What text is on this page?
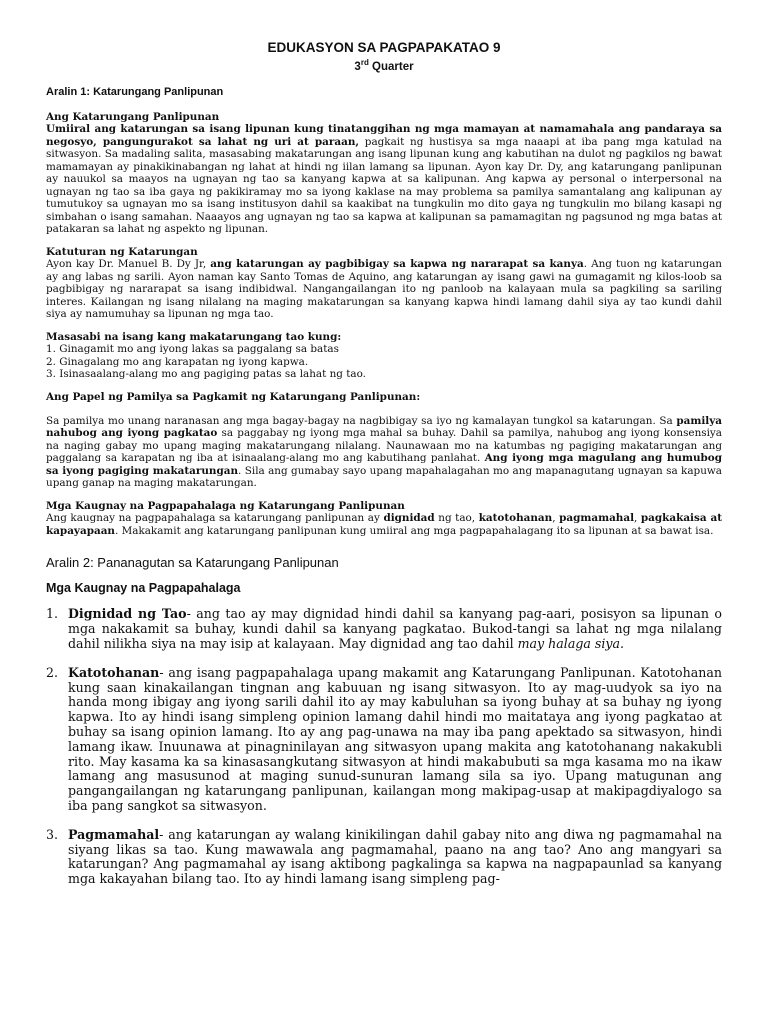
EDUKASYON SA PAGPAPAKATAO 9
3rd Quarter
Aralin 1: Katarungang Panlipunan
Ang Katarungang Panlipunan

Umiiral ang katarungan sa isang lipunan kung tinatanggihan ng mga mamayan at namamahala ang pandaraya sa negosyo, pangungurakot sa lahat ng uri at paraan, pagkait ng hustisya sa mga naaapi at iba pang mga katulad na sitwasyon. Sa madaling salita, masasabing makatarungan ang isang lipunan kung ang kabutihan na dulot ng pagkilos ng bawat mamamayan ay pinakikinabangan ng lahat at hindi ng iilan lamang sa lipunan. Ayon kay Dr. Dy, ang katarungang panlipunan ay nauukol sa maayos na ugnayan ng tao sa kanyang kapwa at sa kalipunan. Ang kapwa ay personal o interpersonal na ugnayan ng tao sa iba gaya ng pakikiramay mo sa iyong kaklase na may problema sa pamilya samantalang ang kalipunan ay tumutukoy sa ugnayan mo sa isang institusyon dahil sa kaakibat na tungkulin mo dito gaya ng tungkulin mo bilang kasapi ng simbahan o isang samahan. Naaayos ang ugnayan ng tao sa kapwa at kalipunan sa pamamagitan ng pagsunod ng mga batas at patakaran sa lahat ng aspekto ng lipunan.

Katuturan ng Katarungan

Ayon kay Dr. Manuel B. Dy Jr, ang katarungan ay pagbibigay sa kapwa ng nararapat sa kanya. Ang tuon ng katarungan ay ang labas ng sarili. Ayon naman kay Santo Tomas de Aquino, ang katarungan ay isang gawi na gumagamit ng kilos-loob sa pagbibigay ng nararapat sa isang indibidwal. Nangangailangan ito ng panloob na kalayaan mula sa pagkiling sa sariling interes. Kailangan ng isang nilalang na maging makatarungan sa kanyang kapwa hindi lamang dahil siya ay tao kundi dahil siya ay namumuhay sa lipunan ng mga tao.

Masasabi na isang kang makatarungang tao kung:
1. Ginagamit mo ang iyong lakas sa paggalang sa batas
2. Ginagalang mo ang karapatan ng iyong kapwa.
3. Isinasaalang-alang mo ang pagiging patas sa lahat ng tao.
Ang Papel ng Pamilya sa Pagkamit ng Katarungang Panlipunan:

Sa pamilya mo unang naranasan ang mga bagay-bagay na nagbibigay sa iyo ng kamalayan tungkol sa katarungan. Sa pamilya nahubog ang iyong pagkatao sa paggabay ng iyong mga mahal sa buhay. Dahil sa pamilya, nahubog ang iyong konsensiya na naging gabay mo upang maging makatarungang nilalang. Naunawaan mo na katumbas ng pagiging makatarungan ang paggalang sa karapatan ng iba at isinaalang-alang mo ang kabutihang panlahat. Ang iyong mga magulang ang humubog sa iyong pagiging makatarungan. Sila ang gumabay sayo upang mapahalagahan mo ang mapanagutang ugnayan sa kapuwa upang ganap na maging makatarungan.

Mga Kaugnay na Pagpapahalaga ng Katarungang Panlipunan

Ang kaugnay na pagpapahalaga sa katarungang panlipunan ay dignidad ng tao, katotohanan, pagmamahal, pagkakaisa at kapayapaan. Makakamit ang katarungang panlipunan kung umiiral ang mga pagpapahalagang ito sa lipunan at sa bawat isa.

Aralin 2: Pananagutan sa Katarungang Panlipunan
Mga Kaugnay na Pagpapahalaga
1. Dignidad ng Tao- ang tao ay may dignidad hindi dahil sa kanyang pag-aari, posisyon sa lipunan o mga nakakamit sa buhay, kundi dahil sa kanyang pagkatao. Bukod-tangi sa lahat ng mga nilalang dahil nilikha siya na may isip at kalayaan. May dignidad ang tao dahil may halaga siya.
2. Katotohanan- ang isang pagpapahalaga upang makamit ang Katarungang Panlipunan. Katotohanan kung saan kinakailangan tingnan ang kabuuan ng isang sitwasyon. Ito ay mag-uudyok sa iyo na handa mong ibigay ang iyong sarili dahil ito ay may kabuluhan sa iyong buhay at sa buhay ng iyong kapwa. Ito ay hindi isang simpleng opinion lamang dahil hindi mo maitataya ang iyong pagkatao at buhay sa isang opinion lamang. Ito ay ang pag-unawa na may iba pang apektado sa sitwasyon, hindi lamang ikaw. Inuunawa at pinagninilayan ang sitwasyon upang makita ang katotohanang nakakubli rito. May kasama ka sa kinasasangkutang sitwasyon at hindi makabubuti sa mga kasama mo na ikaw lamang ang masusunod at maging sunud-sunuran lamang sila sa iyo. Upang matugunan ang pangangailangan ng katarungang panlipunan, kailangan mong makipag-usap at makipagdiyalogo sa iba pang sangkot sa sitwasyon.
3. Pagmamahal- ang katarungan ay walang kinikilingan dahil gabay nito ang diwa ng pagmamahal na siyang likas sa tao. Kung mawawala ang pagmamahal, paano na ang tao? Ano ang mangyari sa katarungan? Ang pagmamahal ay isang aktibong pagkalinga sa kapwa na nagpapaunlad sa kanyang mga kakayahan bilang tao. Ito ay hindi lamang isang simpleng pag-
